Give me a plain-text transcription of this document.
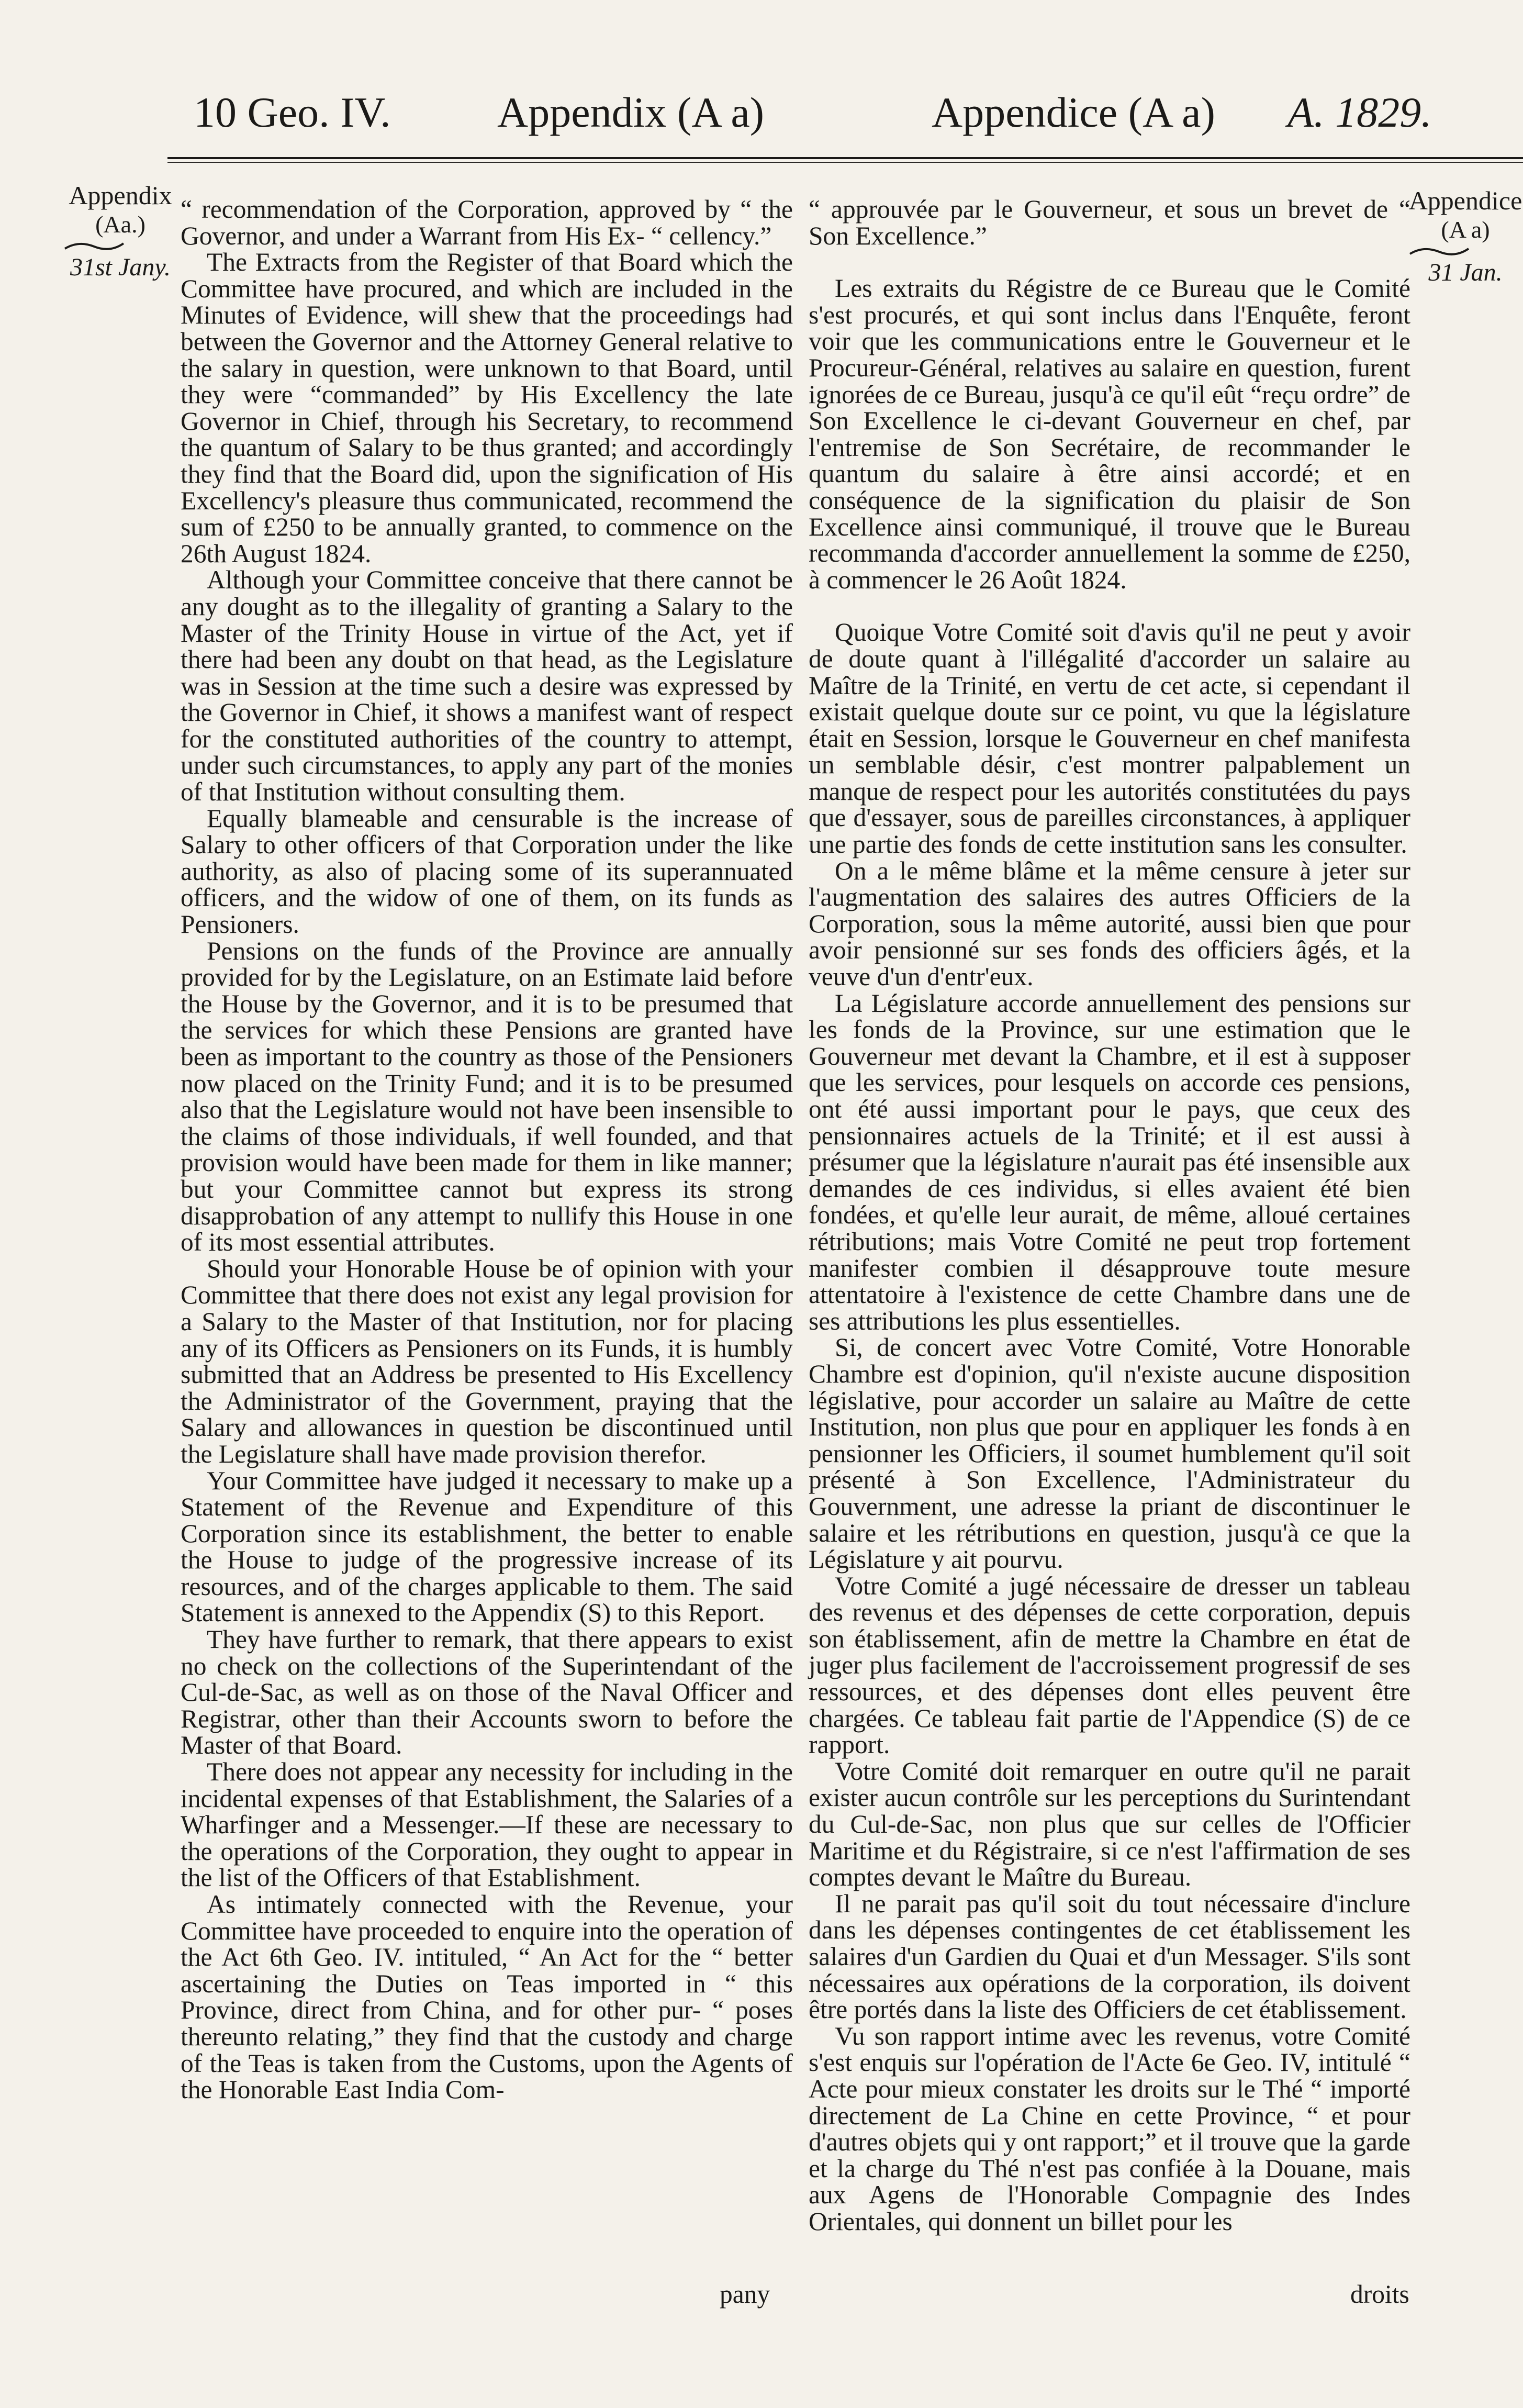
10 Geo. IV. Appendix (A a)	Appendice (A a) A. 1829.
Appendix
(Aa.)
31st Jany.
Appendice
(A a)
31 Jan.

“ recommendation of the Corporation, approved by “ the Governor, and under a Warrant from His Ex- “ cellency.”

The Extracts from the Register of that Board which the Committee have procured, and which are included in the Minutes of Evidence, will shew that the proceedings had between the Governor and the Attorney General relative to the salary in question, were unknown to that Board, until they were “commanded” by His Excellency the late Governor in Chief, through his Secretary, to recommend the quantum of Salary to be thus granted; and accordingly they find that the Board did, upon the signification of His Excellency's pleasure thus communicated, recommend the sum of £250 to be annually granted, to commence on the 26th August 1824.

Although your Committee conceive that there cannot be any dought as to the illegality of granting a Salary to the Master of the Trinity House in virtue of the Act, yet if there had been any doubt on that head, as the Legislature was in Session at the time such a desire was expressed by the Governor in Chief, it shows a manifest want of respect for the constituted authorities of the country to attempt, under such circumstances, to apply any part of the monies of that Institution without consulting them.

Equally blameable and censurable is the increase of Salary to other officers of that Corporation under the like authority, as also of placing some of its superannuated officers, and the widow of one of them, on its funds as Pensioners.

Pensions on the funds of the Province are annually provided for by the Legislature, on an Estimate laid before the House by the Governor, and it is to be presumed that the services for which these Pensions are granted have been as important to the country as those of the Pensioners now placed on the Trinity Fund; and it is to be presumed also that the Legislature would not have been insensible to the claims of those individuals, if well founded, and that provision would have been made for them in like manner; but your Committee cannot but express its strong disapprobation of any attempt to nullify this House in one of its most essential attributes.

Should your Honorable House be of opinion with your Committee that there does not exist any legal provision for a Salary to the Master of that Institution, nor for placing any of its Officers as Pensioners on its Funds, it is humbly submitted that an Address be presented to His Excellency the Administrator of the Government, praying that the Salary and allowances in question be discontinued until the Legislature shall have made provision therefor.

Your Committee have judged it necessary to make up a Statement of the Revenue and Expenditure of this Corporation since its establishment, the better to enable the House to judge of the progressive increase of its resources, and of the charges applicable to them. The said Statement is annexed to the Appendix (S) to this Report.

They have further to remark, that there appears to exist no check on the collections of the Superintendant of the Cul-de-Sac, as well as on those of the Naval Officer and Registrar, other than their Accounts sworn to before the Master of that Board.

There does not appear any necessity for including in the incidental expenses of that Establishment, the Salaries of a Wharfinger and a Messenger.—If these are necessary to the operations of the Corporation, they ought to appear in the list of the Officers of that Establishment.

As intimately connected with the Revenue, your Committee have proceeded to enquire into the operation of the Act 6th Geo. IV. intituled, “ An Act for the “ better ascertaining the Duties on Teas imported in “ this Province, direct from China, and for other pur- “ poses thereunto relating,” they find that the custody and charge of the Teas is taken from the Customs, upon the Agents of the Honorable East India Com-

pany

“ approuvée par le Gouverneur, et sous un brevet de “ Son Excellence.”

Les extraits du Régistre de ce Bureau que le Comité s'est procurés, et qui sont inclus dans l'Enquête, feront voir que les communications entre le Gouverneur et le Procureur-Général, relatives au salaire en question, furent ignorées de ce Bureau, jusqu'à ce qu'il eût “reçu ordre” de Son Excellence le ci-devant Gouverneur en chef, par l'entremise de Son Secrétaire, de recommander le quantum du salaire à être ainsi accordé; et en conséquence de la signification du plaisir de Son Excellence ainsi communiqué, il trouve que le Bureau recommanda d'accorder annuellement la somme de £250, à commencer le 26 Août 1824.

Quoique Votre Comité soit d'avis qu'il ne peut y avoir de doute quant à l'illégalité d'accorder un salaire au Maître de la Trinité, en vertu de cet acte, si cependant il existait quelque doute sur ce point, vu que la législature était en Session, lorsque le Gouverneur en chef manifesta un semblable désir, c'est montrer palpablement un manque de respect pour les autorités constitutées du pays que d'essayer, sous de pareilles circonstances, à appliquer une partie des fonds de cette institution sans les consulter.

On a le même blâme et la même censure à jeter sur l'augmentation des salaires des autres Officiers de la Corporation, sous la même autorité, aussi bien que pour avoir pensionné sur ses fonds des officiers âgés, et la veuve d'un d'entr'eux.

La Législature accorde annuellement des pensions sur les fonds de la Province, sur une estimation que le Gouverneur met devant la Chambre, et il est à supposer que les services, pour lesquels on accorde ces pensions, ont été aussi important pour le pays, que ceux des pensionnaires actuels de la Trinité; et il est aussi à présumer que la législature n'aurait pas été insensible aux demandes de ces individus, si elles avaient été bien fondées, et qu'elle leur aurait, de même, alloué certaines rétributions; mais Votre Comité ne peut trop fortement manifester combien il désapprouve toute mesure attentatoire à l'existence de cette Chambre dans une de ses attributions les plus essentielles.

Si, de concert avec Votre Comité, Votre Honorable Chambre est d'opinion, qu'il n'existe aucune disposition législative, pour accorder un salaire au Maître de cette Institution, non plus que pour en appliquer les fonds à en pensionner les Officiers, il soumet humblement qu'il soit présenté à Son Excellence, l'Administrateur du Gouvernment, une adresse la priant de discontinuer le salaire et les rétributions en question, jusqu'à ce que la Législature y ait pourvu.

Votre Comité a jugé nécessaire de dresser un tableau des revenus et des dépenses de cette corporation, depuis son établissement, afin de mettre la Chambre en état de juger plus facilement de l'accroissement progressif de ses ressources, et des dépenses dont elles peuvent être chargées. Ce tableau fait partie de l'Appendice (S) de ce rapport.

Votre Comité doit remarquer en outre qu'il ne parait exister aucun contrôle sur les perceptions du Surintendant du Cul-de-Sac, non plus que sur celles de l'Officier Maritime et du Régistraire, si ce n'est l'affirmation de ses comptes devant le Maître du Bureau.

Il ne parait pas qu'il soit du tout nécessaire d'inclure dans les dépenses contingentes de cet établissement les salaires d'un Gardien du Quai et d'un Messager. S'ils sont nécessaires aux opérations de la corporation, ils doivent être portés dans la liste des Officiers de cet établissement.

Vu son rapport intime avec les revenus, votre Comité s'est enquis sur l'opération de l'Acte 6e Geo. IV, intitulé “ Acte pour mieux constater les droits sur le Thé “ importé directement de La Chine en cette Province, “ et pour d'autres objets qui y ont rapport;” et il trouve que la garde et la charge du Thé n'est pas confiée à la Douane, mais aux Agens de l'Honorable Compagnie des Indes Orientales, qui donnent un billet pour les

droits
